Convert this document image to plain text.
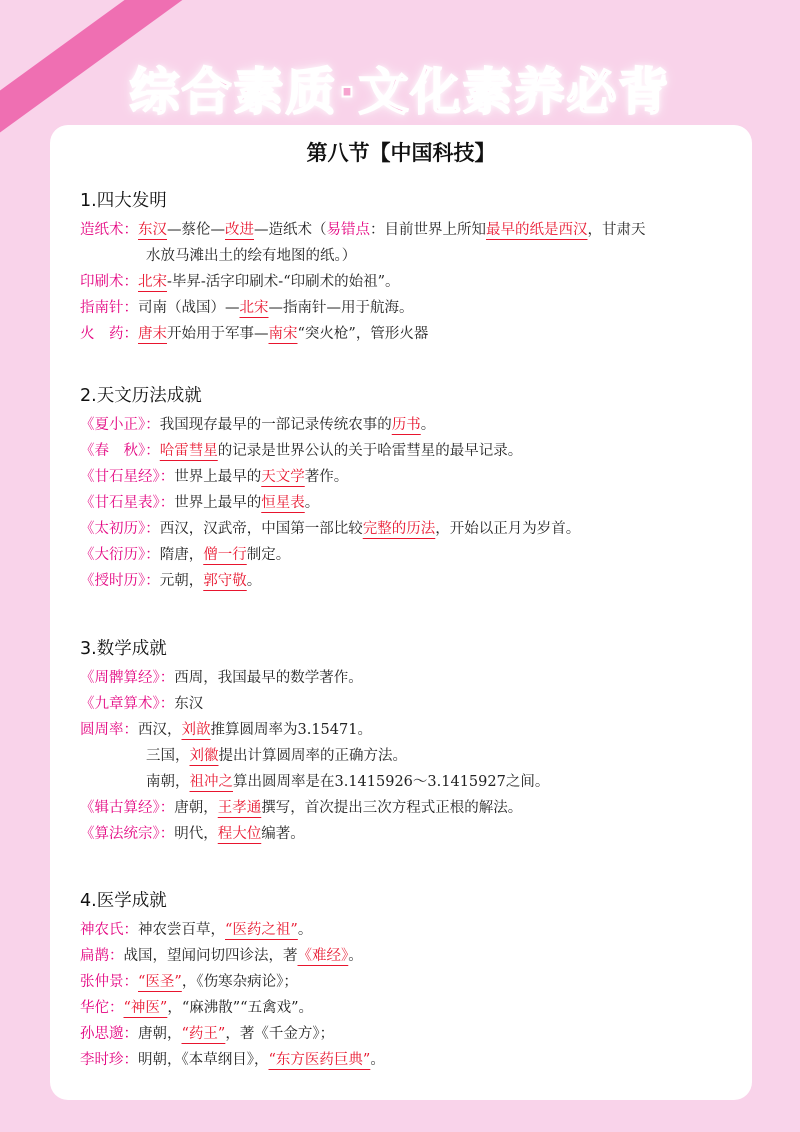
综合素质·文化素养必背
第八节【中国科技】
1.四大发明
造纸术：东汉—蔡伦—改进—造纸术（易错点：目前世界上所知最早的纸是西汉，甘肃天
水放马滩出土的绘有地图的纸。）
印刷术：北宋-毕昇-活字印刷术-“印刷术的始祖”。
指南针：司南（战国）—北宋—指南针—用于航海。
火　药：唐末开始用于军事—南宋“突火枪”，管形火器
2.天文历法成就
《夏小正》：我国现存最早的一部记录传统农事的历书。
《春　秋》：哈雷彗星的记录是世界公认的关于哈雷彗星的最早记录。
《甘石星经》：世界上最早的天文学著作。
《甘石星表》：世界上最早的恒星表。
《太初历》：西汉，汉武帝，中国第一部比较完整的历法，开始以正月为岁首。
《大衍历》：隋唐，僧一行制定。
《授时历》：元朝，郭守敬。
3.数学成就
《周髀算经》：西周，我国最早的数学著作。
《九章算术》：东汉
圆周率：西汉，刘歆推算圆周率为3.15471。
三国，刘徽提出计算圆周率的正确方法。
南朝，祖冲之算出圆周率是在3.1415926～3.1415927之间。
《辑古算经》：唐朝，王孝通撰写，首次提出三次方程式正根的解法。
《算法统宗》：明代，程大位编著。
4.医学成就
神农氏：神农尝百草，“医药之祖”。
扁鹊：战国，望闻问切四诊法，著《难经》。
张仲景：“医圣”，《伤寒杂病论》；
华佗：“神医”，“麻沸散”“五禽戏”。
孙思邈：唐朝，“药王”，著《千金方》；
李时珍：明朝，《本草纲目》，“东方医药巨典”。
